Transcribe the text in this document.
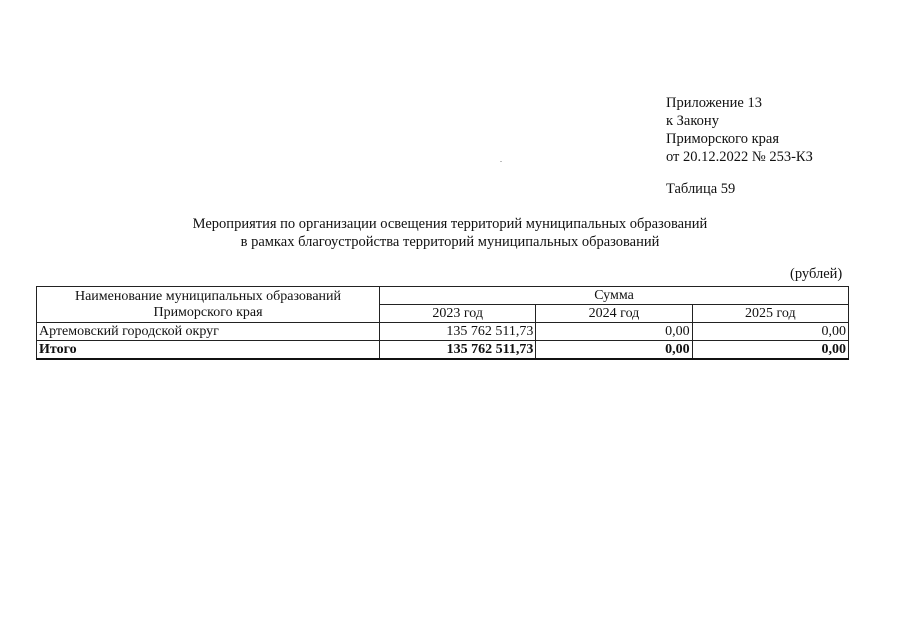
Приложение 13
к Закону
Приморского края
от 20.12.2022 № 253-КЗ
Таблица 59
Мероприятия по организации освещения территорий муниципальных образований
в рамках благоустройства территорий муниципальных образований
(рублей)
Наименование муниципальных образований
Приморского края	Сумма		
	2023 год	2024 год	2025 год
Артемовский городской округ	135 762 511,73	0,00	0,00
Итого	135 762 511,73	0,00	0,00
